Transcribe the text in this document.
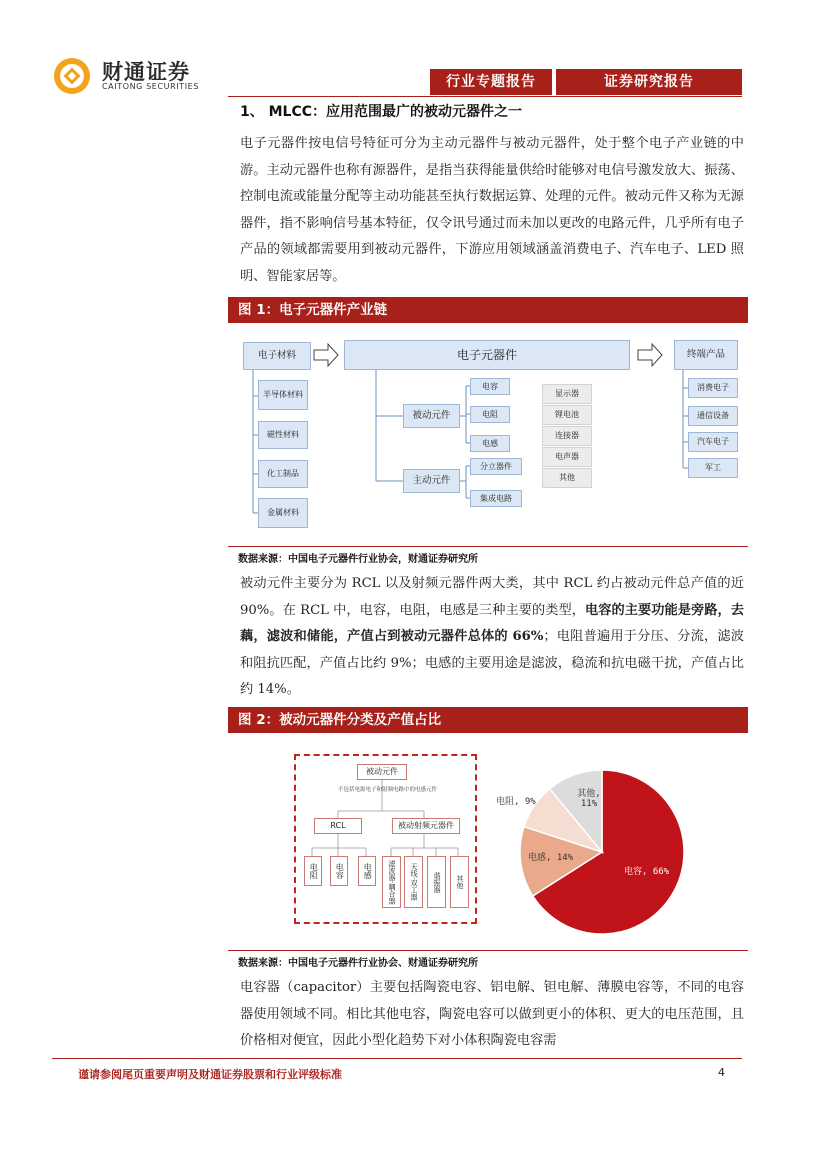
财通证券
CAITONG SECURITIES	行业专题报告	证券研究报告
1、 MLCC：应用范围最广的被动元器件之一
电子元器件按电信号特征可分为主动元器件与被动元器件，处于整个电子产业链的中游。主动元器件也称有源器件，是指当获得能量供给时能够对电信号激发放大、振荡、控制电流或能量分配等主动功能甚至执行数据运算、处理的元件。被动元件又称为无源器件，指不影响信号基本特征，仅令讯号通过而未加以更改的电路元件，几乎所有电子产品的领域都需要用到被动元器件，下游应用领域涵盖消费电子、汽车电子、LED 照明、智能家居等。
图 1：电子元器件产业链
电子材料
半导体材料
磁性材料
化工制品
金属材料
电子元器件
被动元件
电容
电阻
电感
主动元件
分立器件
集成电路
显示器
锂电池
连接器
电声器
其他
终端产品
消费电子
通信设备
汽车电子
军工
数据来源：中国电子元器件行业协会，财通证券研究所
被动元件主要分为 RCL 以及射频元器件两大类，其中 RCL 约占被动元件总产值的近 90%。在 RCL 中，电容，电阻，电感是三种主要的类型，电容的主要功能是旁路，去藕，滤波和储能，产值占到被动元器件总体的 66%；电阻普遍用于分压、分流，滤波和阻抗匹配，产值占比约 9%；电感的主要用途是滤波，稳流和抗电磁干扰，产值占比约 14%。
图 2：被动元器件分类及产值占比
被动元件
不包括电源电子和射频电路中的电感元件
RCL	被动射频元器件
电阻	电容	电感	滤波器·耦合器	天线·双工器	谐振器	其他
电容, 66%
电感, 14%
电阻, 9%
其他, 11%
数据来源：中国电子元器件行业协会、财通证券研究所
电容器（capacitor）主要包括陶瓷电容、铝电解、钽电解、薄膜电容等，不同的电容器使用领域不同。相比其他电容，陶瓷电容可以做到更小的体积、更大的电压范围，且价格相对便宜，因此小型化趋势下对小体积陶瓷电容需
谨请参阅尾页重要声明及财通证券股票和行业评级标准	4
